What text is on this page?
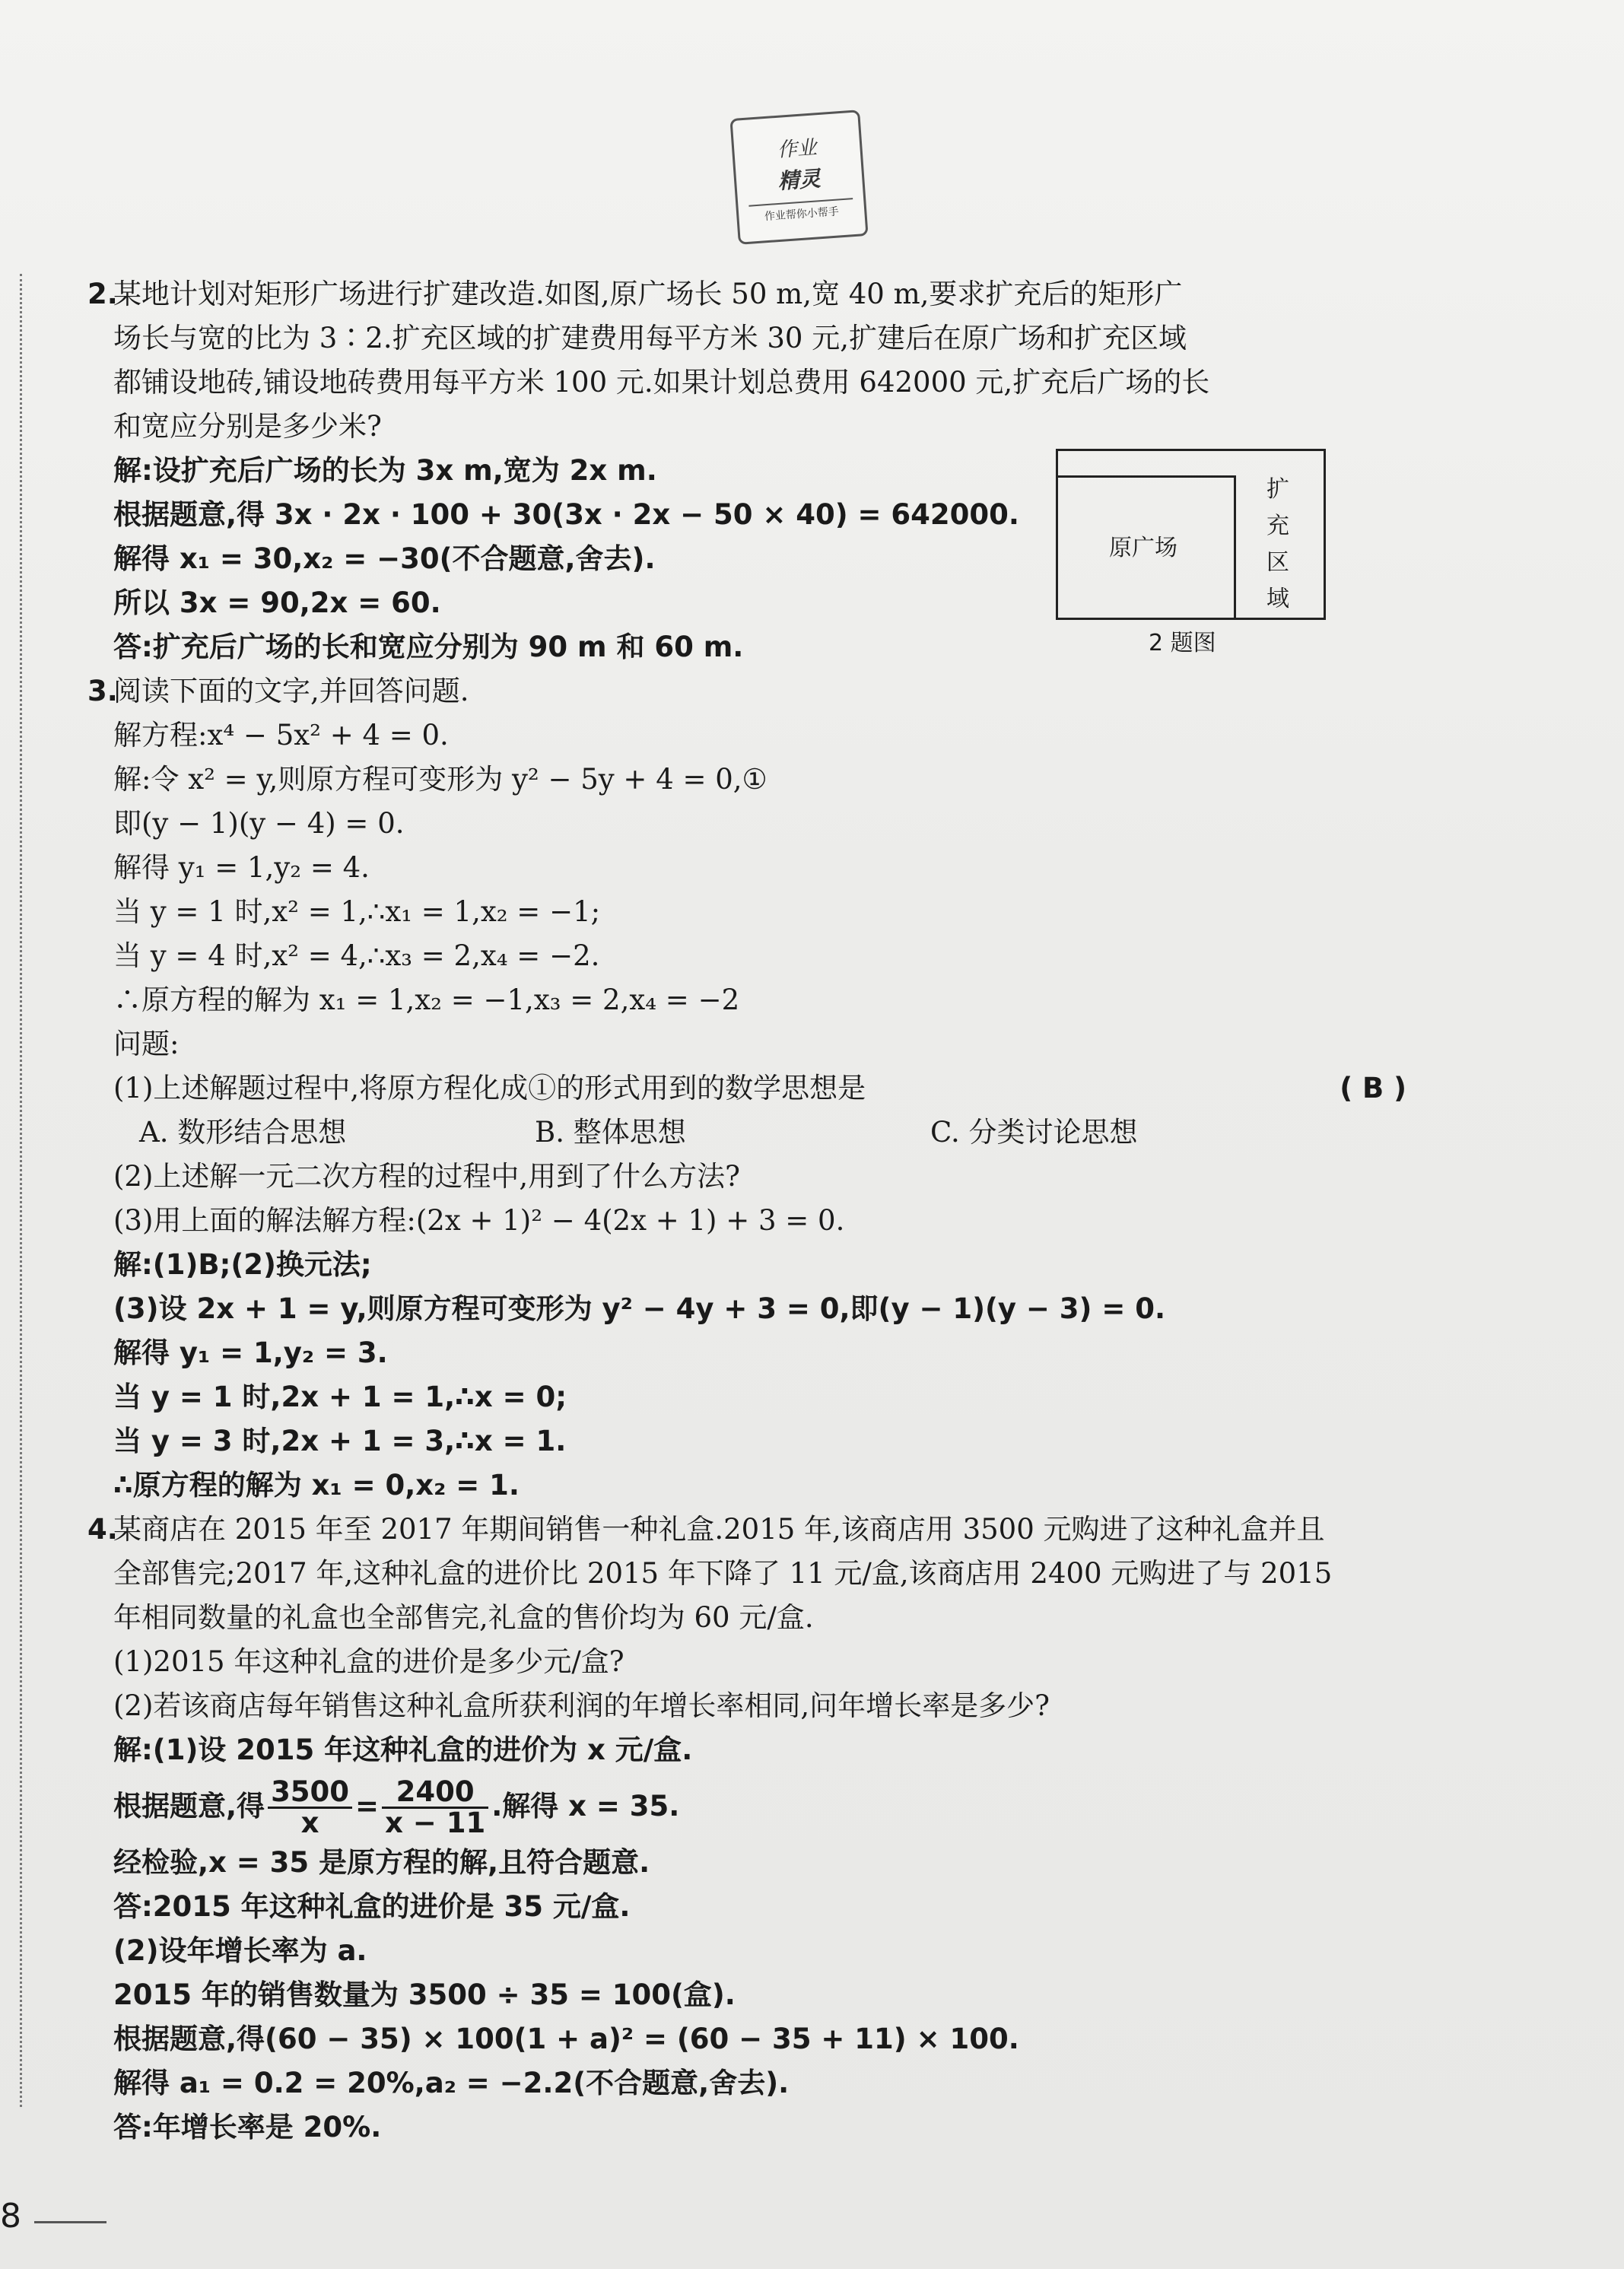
作业
精灵
作业帮你小帮手
2.某地计划对矩形广场进行扩建改造.如图,原广场长 50 m,宽 40 m,要求扩充后的矩形广
场长与宽的比为 3∶2.扩充区域的扩建费用每平方米 30 元,扩建后在原广场和扩充区域
都铺设地砖,铺设地砖费用每平方米 100 元.如果计划总费用 642000 元,扩充后广场的长
和宽应分别是多少米?
解:设扩充后广场的长为 3x m,宽为 2x m.
根据题意,得 3x · 2x · 100 + 30(3x · 2x − 50 × 40) = 642000.
解得 x₁ = 30,x₂ = −30(不合题意,舍去).
所以 3x = 90,2x = 60.
答:扩充后广场的长和宽应分别为 90 m 和 60 m.
3.阅读下面的文字,并回答问题.
解方程:x⁴ − 5x² + 4 = 0.
解:令 x² = y,则原方程可变形为 y² − 5y + 4 = 0,①
即(y − 1)(y − 4) = 0.
解得 y₁ = 1,y₂ = 4.
当 y = 1 时,x² = 1,∴x₁ = 1,x₂ = −1;
当 y = 4 时,x² = 4,∴x₃ = 2,x₄ = −2.
∴原方程的解为 x₁ = 1,x₂ = −1,x₃ = 2,x₄ = −2
问题:
(1)上述解题过程中,将原方程化成①的形式用到的数学思想是	( B )
A. 数形结合思想	B. 整体思想	C. 分类讨论思想
(2)上述解一元二次方程的过程中,用到了什么方法?
(3)用上面的解法解方程:(2x + 1)² − 4(2x + 1) + 3 = 0.
解:(1)B;(2)换元法;
(3)设 2x + 1 = y,则原方程可变形为 y² − 4y + 3 = 0,即(y − 1)(y − 3) = 0.
解得 y₁ = 1,y₂ = 3.
当 y = 1 时,2x + 1 = 1,∴x = 0;
当 y = 3 时,2x + 1 = 3,∴x = 1.
∴原方程的解为 x₁ = 0,x₂ = 1.
4.某商店在 2015 年至 2017 年期间销售一种礼盒.2015 年,该商店用 3500 元购进了这种礼盒并且
全部售完;2017 年,这种礼盒的进价比 2015 年下降了 11 元/盒,该商店用 2400 元购进了与 2015
年相同数量的礼盒也全部售完,礼盒的售价均为 60 元/盒.
(1)2015 年这种礼盒的进价是多少元/盒?
(2)若该商店每年销售这种礼盒所获利润的年增长率相同,问年增长率是多少?
解:(1)设 2015 年这种礼盒的进价为 x 元/盒.
根据题意,得 $\frac{3500}{x} = \frac{2400}{x - 11}$ .解得 x = 35.
经检验,x = 35 是原方程的解,且符合题意.
答:2015 年这种礼盒的进价是 35 元/盒.
(2)设年增长率为 a.
2015 年的销售数量为 3500 ÷ 35 = 100(盒).
根据题意,得(60 − 35) × 100(1 + a)² = (60 − 35 + 11) × 100.
解得 a₁ = 0.2 = 20%,a₂ = −2.2(不合题意,舍去).
答:年增长率是 20%.
原广场
扩
充
区
域
2 题图
8
